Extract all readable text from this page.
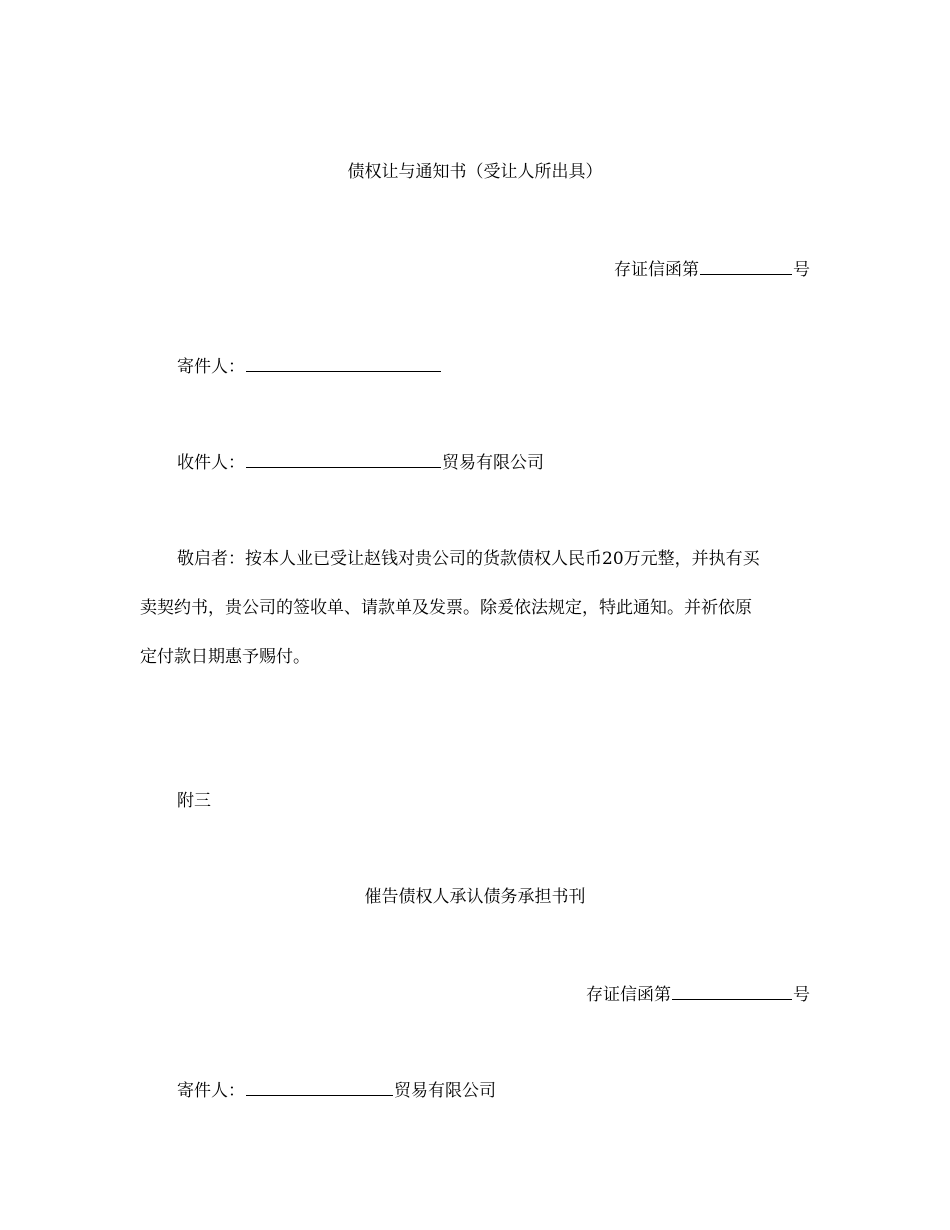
债权让与通知书（受让人所出具）
存证信函第	号
寄件人：
收件人：	贸易有限公司
敬启者：按本人业已受让赵钱对贵公司的货款债权人民币20万元整，并执有买
卖契约书，贵公司的签收单、请款单及发票。除爰依法规定，特此通知。并祈依原
定付款日期惠予赐付。
附三
催告债权人承认债务承担书刊
存证信函第	号
寄件人：	贸易有限公司
